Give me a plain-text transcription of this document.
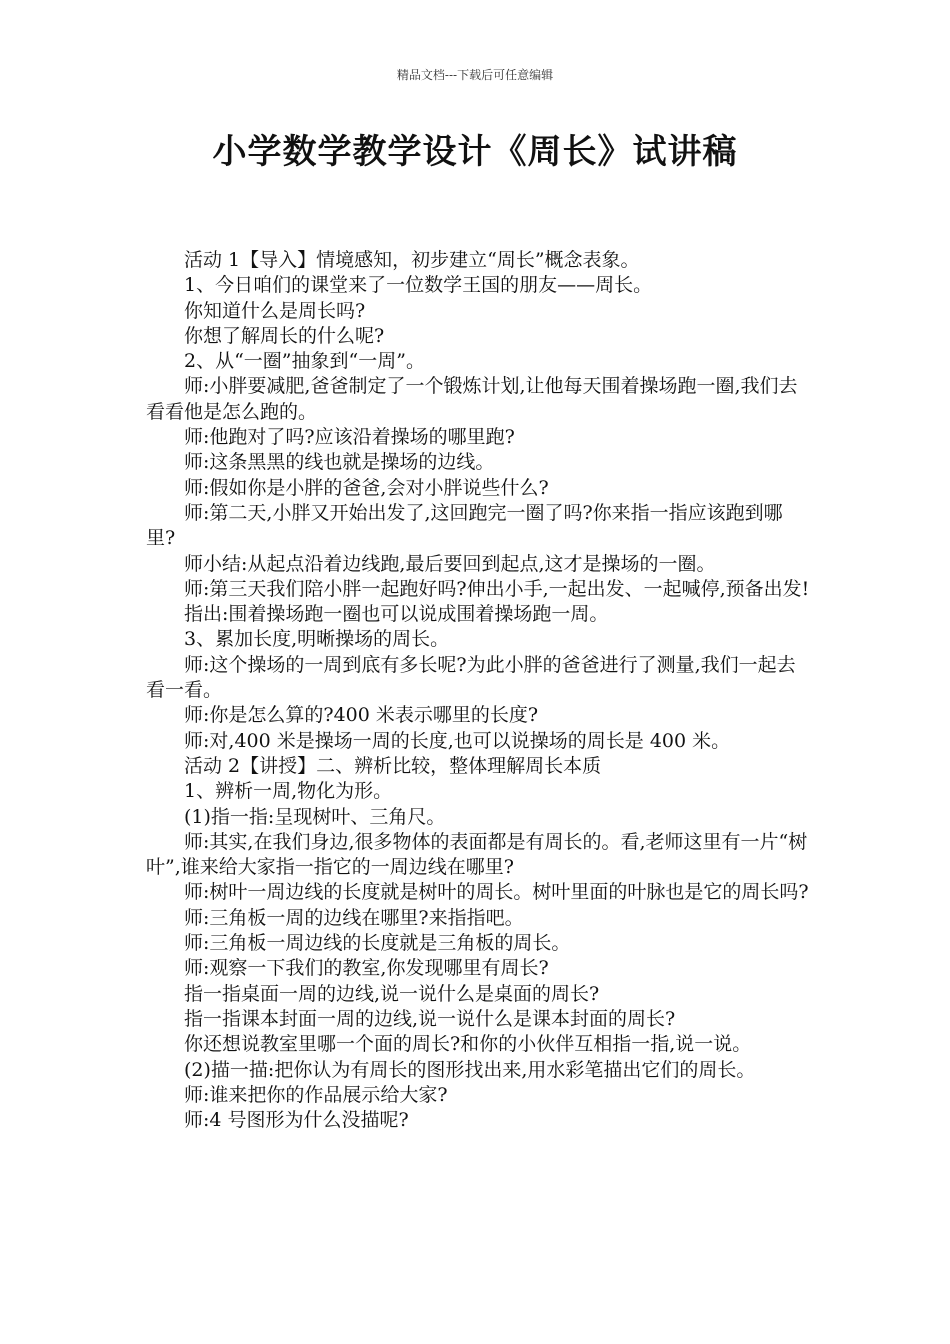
精品文档---下载后可任意编辑
小学数学教学设计《周长》试讲稿

活动 1【导入】情境感知，初步建立“周长”概念表象。

1、今日咱们的课堂来了一位数学王国的朋友——周长。

你知道什么是周长吗?

你想了解周长的什么呢?

2、从“一圈”抽象到“一周”。

师:小胖要减肥,爸爸制定了一个锻炼计划,让他每天围着操场跑一圈,我们去看看他是怎么跑的。

师:他跑对了吗?应该沿着操场的哪里跑?

师:这条黑黑的线也就是操场的边线。

师:假如你是小胖的爸爸,会对小胖说些什么?

师:第二天,小胖又开始出发了,这回跑完一圈了吗?你来指一指应该跑到哪里?

师小结:从起点沿着边线跑,最后要回到起点,这才是操场的一圈。

师:第三天我们陪小胖一起跑好吗?伸出小手,一起出发、一起喊停,预备出发!

指出:围着操场跑一圈也可以说成围着操场跑一周。

3、累加长度,明晰操场的周长。

师:这个操场的一周到底有多长呢?为此小胖的爸爸进行了测量,我们一起去看一看。

师:你是怎么算的?400 米表示哪里的长度?

师:对,400 米是操场一周的长度,也可以说操场的周长是 400 米。

活动 2【讲授】二、辨析比较，整体理解周长本质

1、辨析一周,物化为形。

(1)指一指:呈现树叶、三角尺。

师:其实,在我们身边,很多物体的表面都是有周长的。看,老师这里有一片“树叶”,谁来给大家指一指它的一周边线在哪里?

师:树叶一周边线的长度就是树叶的周长。树叶里面的叶脉也是它的周长吗?

师:三角板一周的边线在哪里?来指指吧。

师:三角板一周边线的长度就是三角板的周长。

师:观察一下我们的教室,你发现哪里有周长?

指一指桌面一周的边线,说一说什么是桌面的周长?

指一指课本封面一周的边线,说一说什么是课本封面的周长?

你还想说教室里哪一个面的周长?和你的小伙伴互相指一指,说一说。

(2)描一描:把你认为有周长的图形找出来,用水彩笔描出它们的周长。

师:谁来把你的作品展示给大家?

师:4 号图形为什么没描呢?
